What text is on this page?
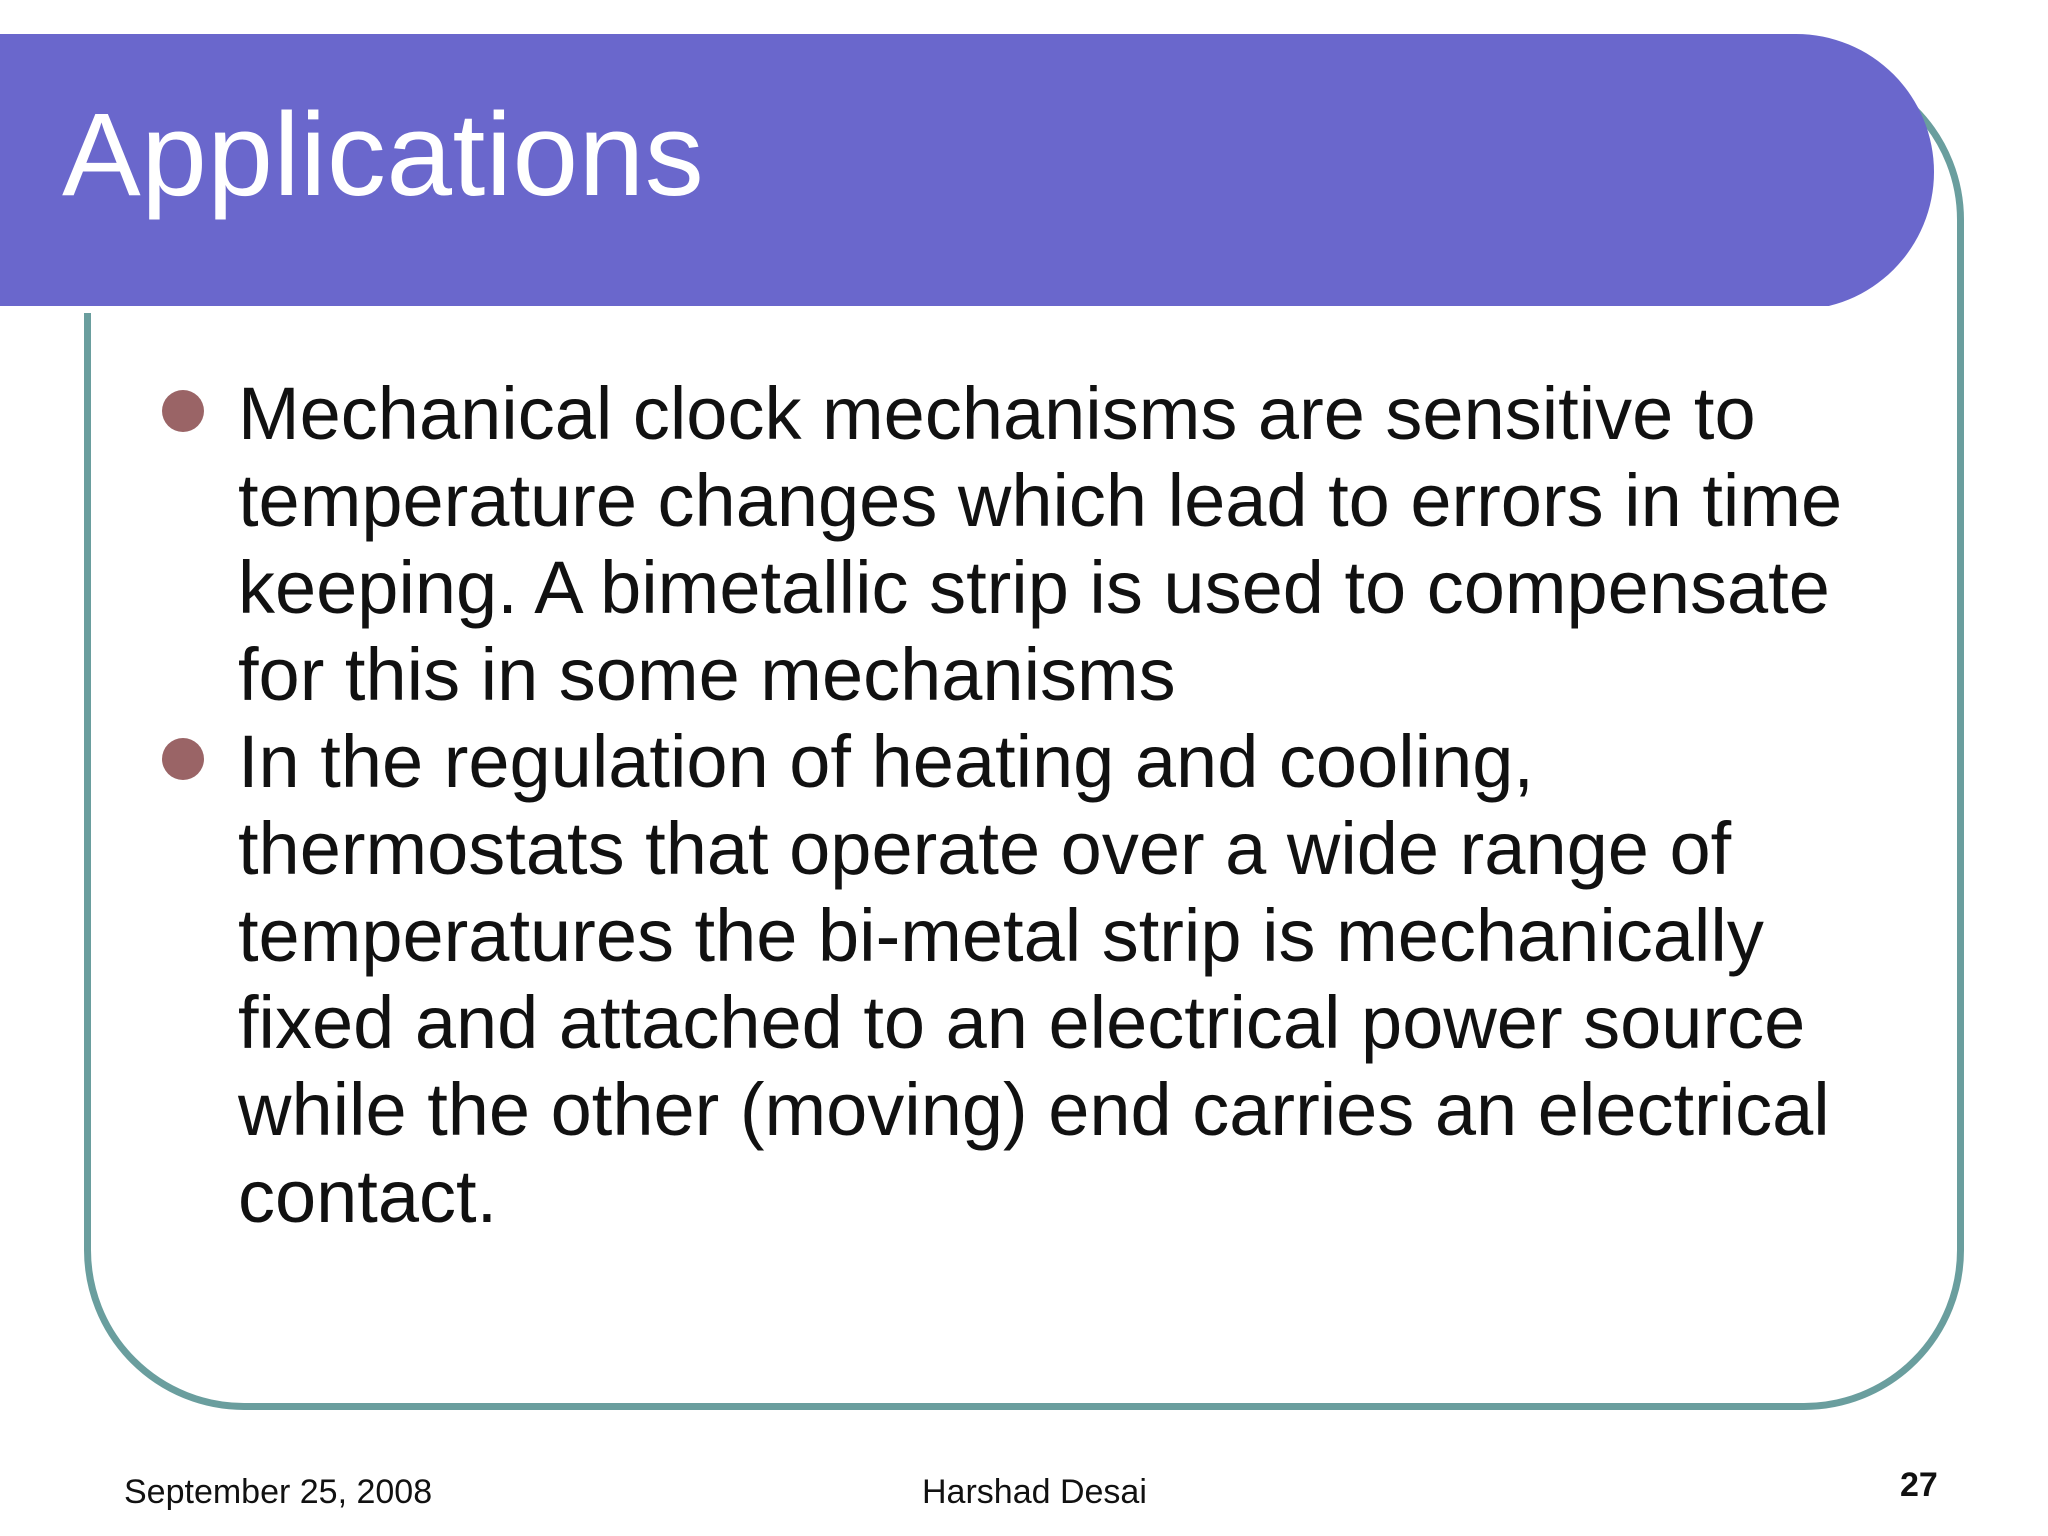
Applications
Mechanical clock mechanisms are sensitive to temperature changes which lead to errors in time keeping. A bimetallic strip is used to compensate for this in some mechanisms
In the regulation of heating and cooling, thermostats that operate over a wide range of temperatures the bi-metal strip is mechanically fixed and attached to an electrical power source while the other (moving) end carries an electrical contact.
September 25, 2008	Harshad Desai	27
